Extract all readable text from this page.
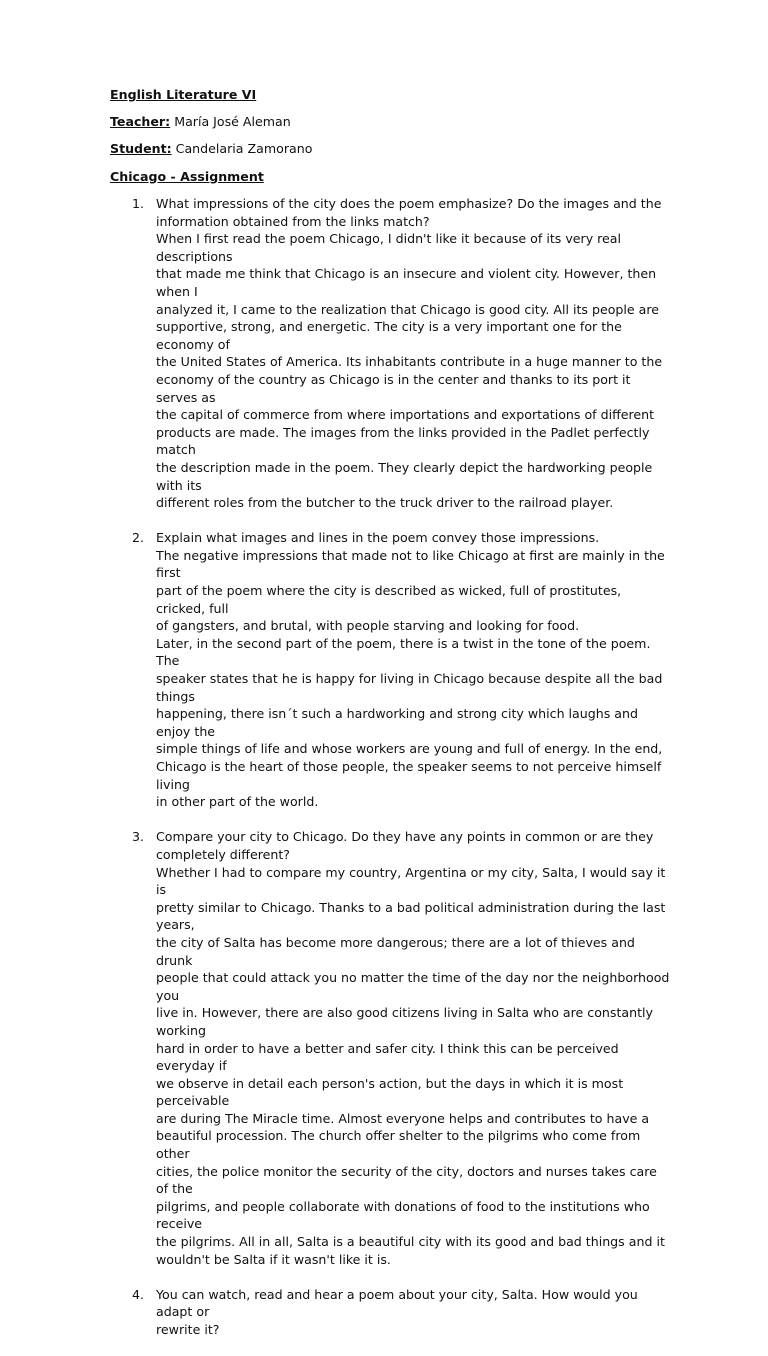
English Literature VI
Teacher: María José Aleman
Student: Candelaria Zamorano
Chicago - Assignment
1. What impressions of the city does the poem emphasize? Do the images and the
information obtained from the links match?

When I first read the poem Chicago, I didn't like it because of its very real descriptions
that made me think that Chicago is an insecure and violent city. However, then when I
analyzed it, I came to the realization that Chicago is good city. All its people are
supportive, strong, and energetic. The city is a very important one for the economy of
the United States of America. Its inhabitants contribute in a huge manner to the
economy of the country as Chicago is in the center and thanks to its port it serves as
the capital of commerce from where importations and exportations of different
products are made. The images from the links provided in the Padlet perfectly match
the description made in the poem. They clearly depict the hardworking people with its
different roles from the butcher to the truck driver to the railroad player.

2. Explain what images and lines in the poem convey those impressions.

The negative impressions that made not to like Chicago at first are mainly in the first
part of the poem where the city is described as wicked, full of prostitutes, cricked, full
of gangsters, and brutal, with people starving and looking for food.
Later, in the second part of the poem, there is a twist in the tone of the poem. The
speaker states that he is happy for living in Chicago because despite all the bad things
happening, there isn´t such a hardworking and strong city which laughs and enjoy the
simple things of life and whose workers are young and full of energy. In the end,
Chicago is the heart of those people, the speaker seems to not perceive himself living
in other part of the world.

3. Compare your city to Chicago. Do they have any points in common or are they
completely different?

Whether I had to compare my country, Argentina or my city, Salta, I would say it is
pretty similar to Chicago. Thanks to a bad political administration during the last years,
the city of Salta has become more dangerous; there are a lot of thieves and drunk
people that could attack you no matter the time of the day nor the neighborhood you
live in. However, there are also good citizens living in Salta who are constantly working
hard in order to have a better and safer city. I think this can be perceived everyday if
we observe in detail each person's action, but the days in which it is most perceivable
are during The Miracle time. Almost everyone helps and contributes to have a
beautiful procession. The church offer shelter to the pilgrims who come from other
cities, the police monitor the security of the city, doctors and nurses takes care of the
pilgrims, and people collaborate with donations of food to the institutions who receive
the pilgrims. All in all, Salta is a beautiful city with its good and bad things and it
wouldn't be Salta if it wasn't like it is.

4. You can watch, read and hear a poem about your city, Salta. How would you adapt or
rewrite it?
